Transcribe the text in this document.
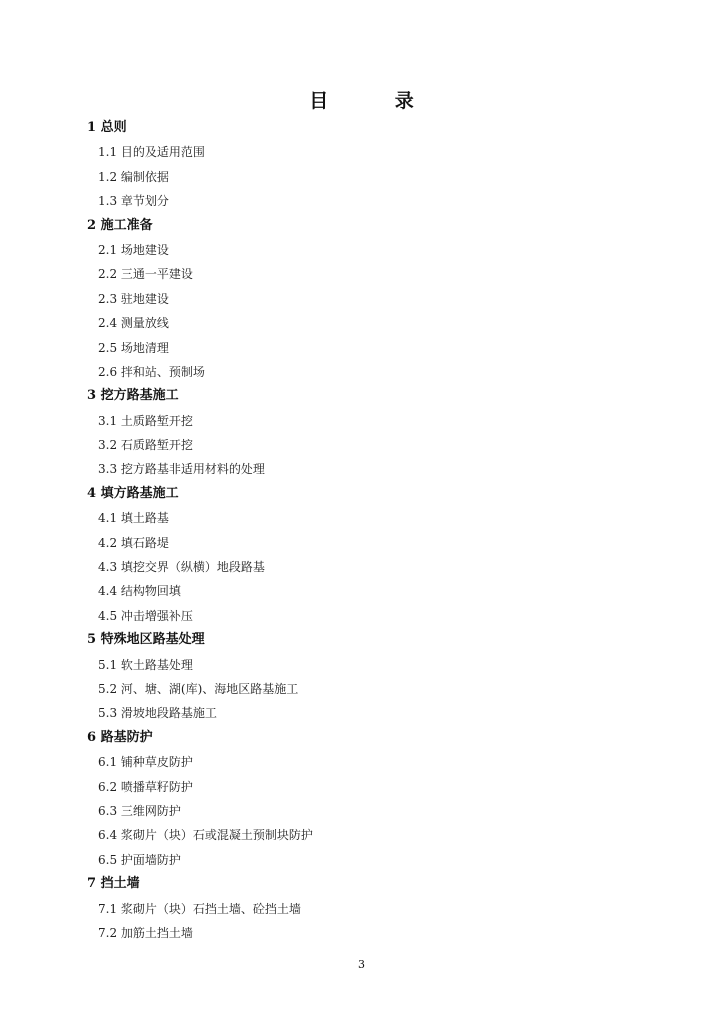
目 录
1 总则
1.1 目的及适用范围
1.2 编制依据
1.3 章节划分
2 施工准备
2.1 场地建设
2.2 三通一平建设
2.3 驻地建设
2.4 测量放线
2.5 场地清理
2.6 拌和站、预制场
3 挖方路基施工
3.1 土质路堑开挖
3.2 石质路堑开挖
3.3 挖方路基非适用材料的处理
4 填方路基施工
4.1 填土路基
4.2 填石路堤
4.3 填挖交界（纵横）地段路基
4.4 结构物回填
4.5 冲击增强补压
5 特殊地区路基处理
5.1 软土路基处理
5.2 河、塘、湖(库)、海地区路基施工
5.3 滑坡地段路基施工
6 路基防护
6.1 铺种草皮防护
6.2 喷播草籽防护
6.3 三维网防护
6.4 浆砌片（块）石或混凝土预制块防护
6.5 护面墙防护
7 挡土墙
7.1 浆砌片（块）石挡土墙、砼挡土墙
7.2 加筋土挡土墙
3
